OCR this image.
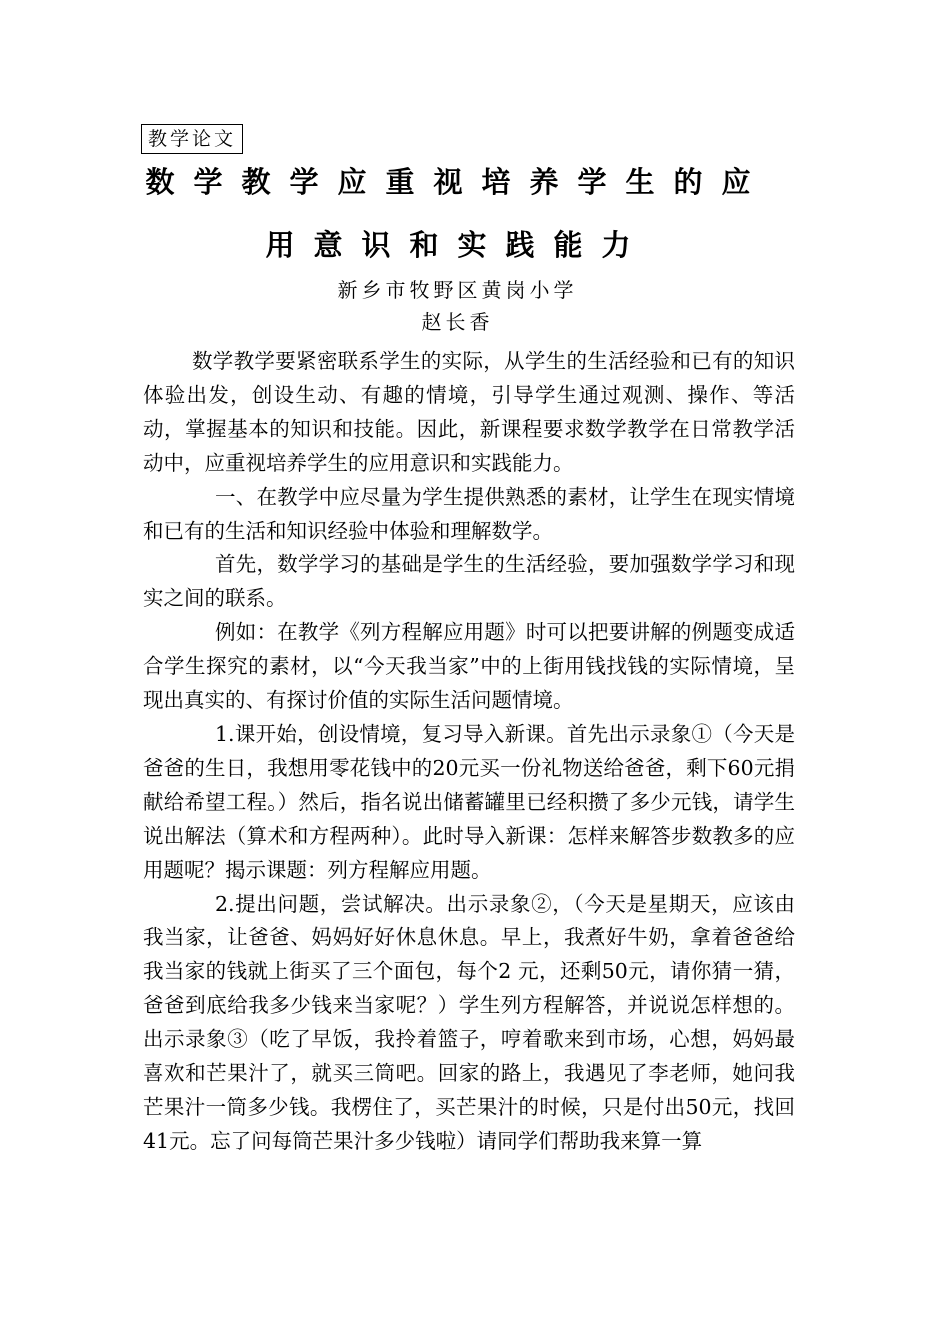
教学论文
数学教学应重视培养学生的应
用意识和实践能力
新乡市牧野区黄岗小学
赵长香

数学教学要紧密联系学生的实际，从学生的生活经验和已有的知识体验出发，创设生动、有趣的情境，引导学生通过观测、操作、等活动，掌握基本的知识和技能。因此，新课程要求数学教学在日常教学活动中，应重视培养学生的应用意识和实践能力。

一、在教学中应尽量为学生提供熟悉的素材，让学生在现实情境和已有的生活和知识经验中体验和理解数学。

首先，数学学习的基础是学生的生活经验，要加强数学学习和现实之间的联系。

例如：在教学《列方程解应用题》时可以把要讲解的例题变成适合学生探究的素材，以“今天我当家”中的上街用钱找钱的实际情境，呈现出真实的、有探讨价值的实际生活问题情境。

1.课开始，创设情境，复习导入新课。首先出示录象①（今天是爸爸的生日，我想用零花钱中的20元买一份礼物送给爸爸，剩下60元捐献给希望工程。）然后，指名说出储蓄罐里已经积攒了多少元钱，请学生说出解法（算术和方程两种）。此时导入新课：怎样来解答步数教多的应用题呢？揭示课题：列方程解应用题。

2.提出问题，尝试解决。出示录象②，（今天是星期天，应该由我当家，让爸爸、妈妈好好休息休息。早上，我煮好牛奶，拿着爸爸给我当家的钱就上街买了三个面包，每个2 元，还剩50元，请你猜一猜，爸爸到底给我多少钱来当家呢？）学生列方程解答，并说说怎样想的。出示录象③（吃了早饭，我拎着篮子，哼着歌来到市场，心想，妈妈最喜欢和芒果汁了，就买三筒吧。回家的路上，我遇见了李老师，她问我芒果汁一筒多少钱。我楞住了，买芒果汁的时候，只是付出50元，找回41元。忘了问每筒芒果汁多少钱啦）请同学们帮助我来算一算
